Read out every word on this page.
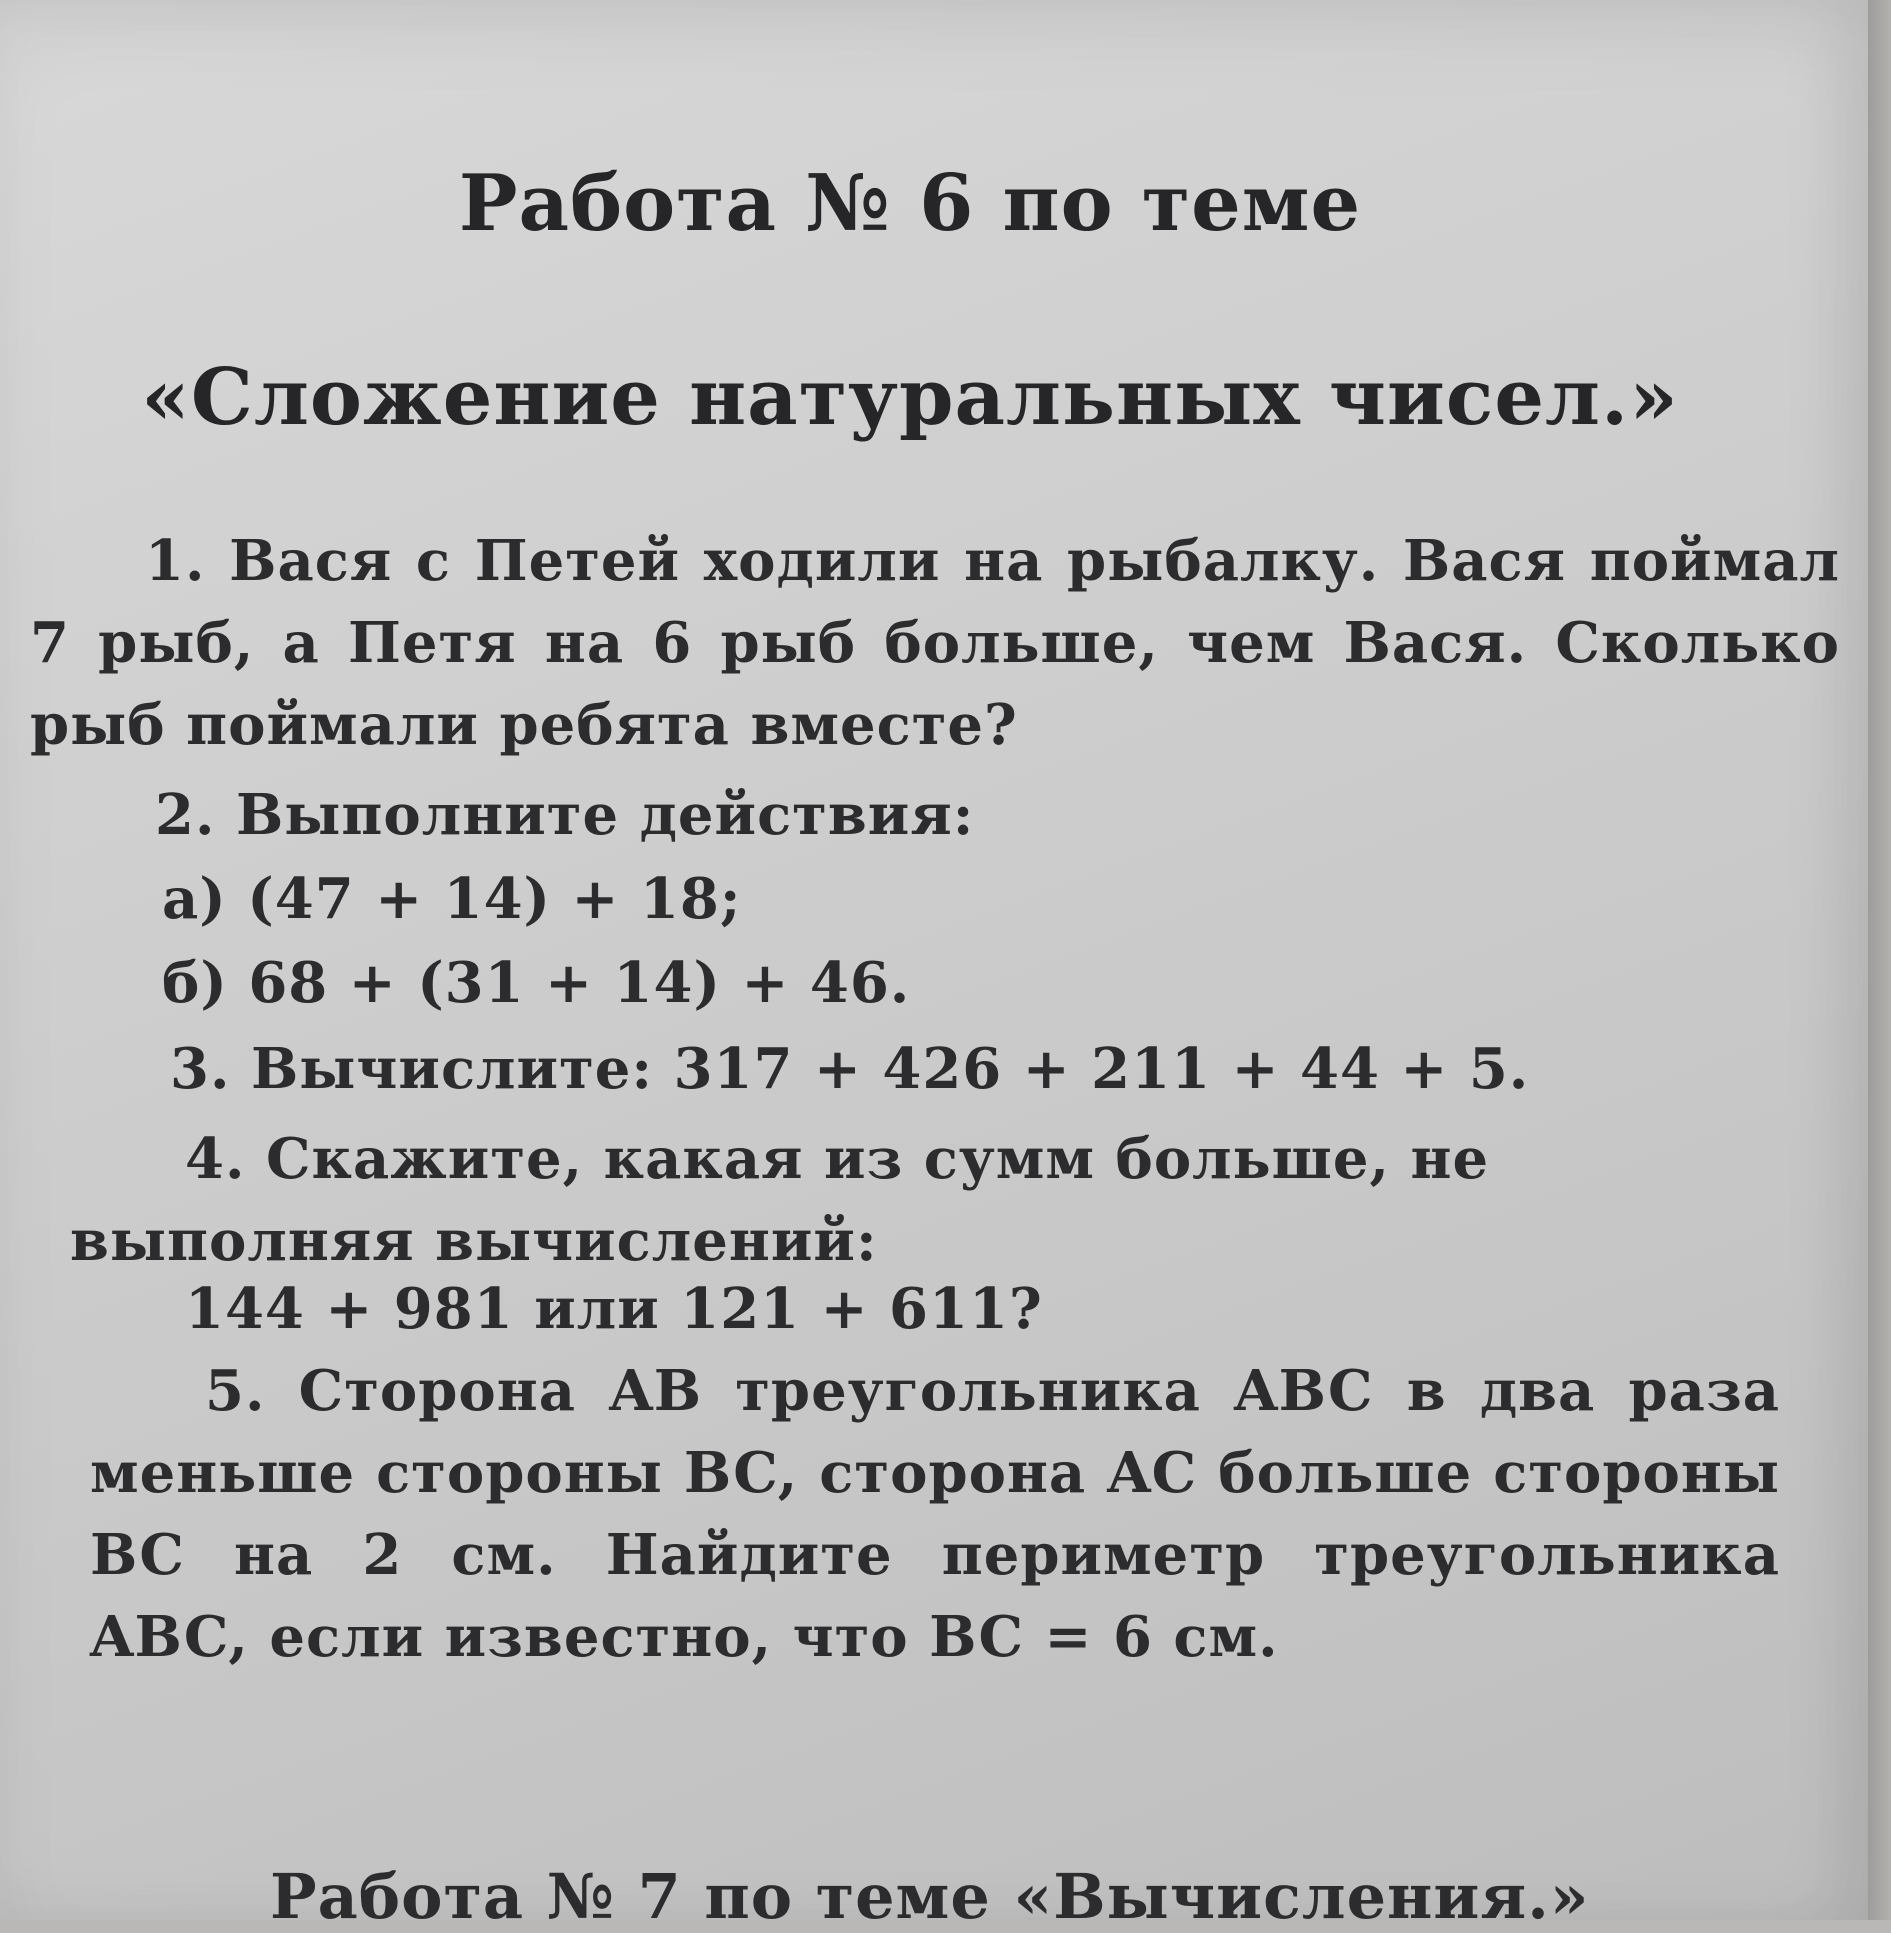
Работа № 6 по теме
«Сложение натуральных чисел.»
1. Вася с Петей ходили на рыбалку. Вася поймал 7 рыб, а Петя на 6 рыб больше, чем Вася. Сколько рыб поймали ребята вместе?
2. Выполните действия:
а) (47 + 14) + 18;
б) 68 + (31 + 14) + 46.
3. Вычислите: 317 + 426 + 211 + 44 + 5.
4. Скажите, какая из сумм больше, не выполняя вычислений:
144 + 981 или 121 + 611?
5. Сторона AB треугольника ABC в два раза меньше стороны BC, сторона AC больше стороны BC на 2 см. Найдите периметр треугольника ABC, если известно, что BC = 6 см.
Работа № 7 по теме «Вычисления.»
